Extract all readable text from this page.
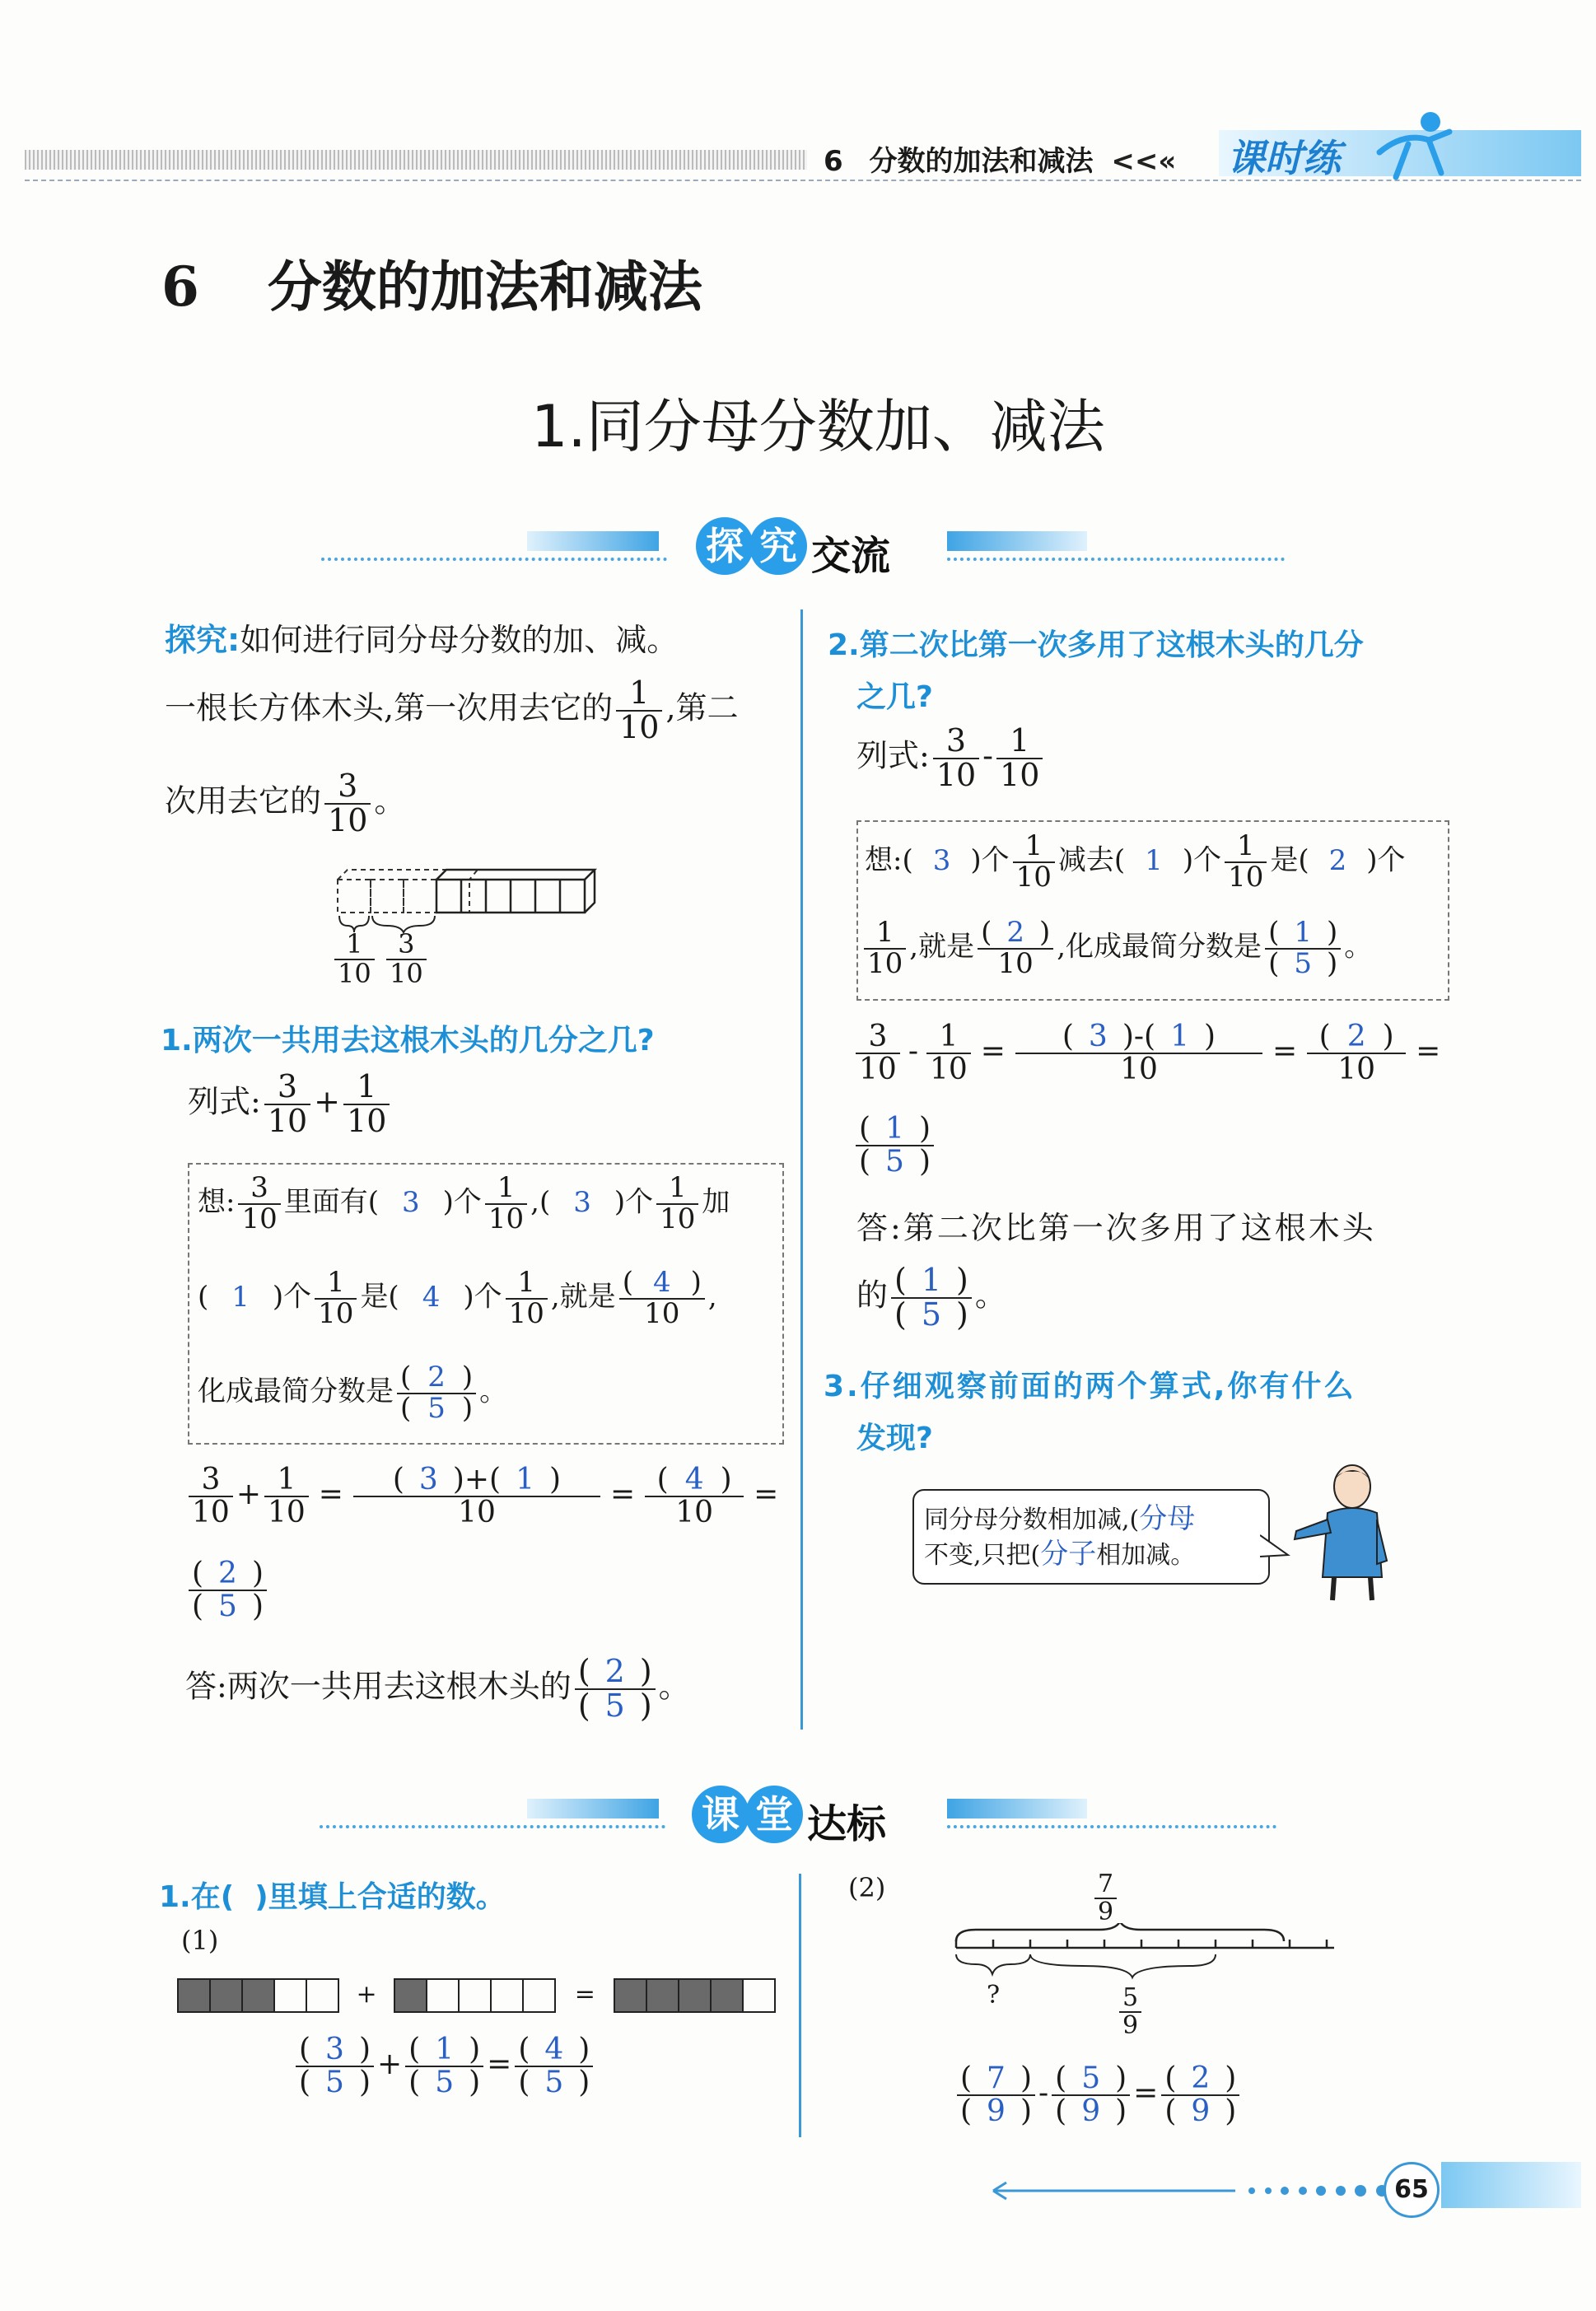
6 分数的加法和减法 <<« 课时练
6 分数的加法和减法
1.同分母分数加、减法
探 究 交流
探究:如何进行同分母分数的加、减。
一根长方体木头,第一次用去它的 $\frac{1}{10}$ ,第二
次用去它的 $\frac{3}{10}$ 。
$\frac{1}{10} \frac{3}{10}$
1.两次一共用去这根木头的几分之几?
列式: $\frac{3}{10} + \frac{1}{10}$
想: $\frac{3}{10}$ 里面有( 3 )个 $\frac{1}{10}$ ,( 3 )个 $\frac{1}{10}$ 加
( 1 )个 $\frac{1}{10}$ 是( 4 )个 $\frac{1}{10}$ ,就是 $\frac{( 4 )}{10}$ ,
化成最简分数是 $\frac{( 2 )}{( 5 )}$ 。
$\frac{3}{10} + \frac{1}{10} = \frac{( 3 )+( 1 )}{10} = \frac{( 4 )}{10}$ =
$\frac{( 2 )}{( 5 )}$
答:两次一共用去这根木头的 $\frac{( 2 )}{( 5 )}$ 。
2.第二次比第一次多用了这根木头的几分
之几?
列式: $\frac{3}{10} - \frac{1}{10}$
想:( 3 )个 $\frac{1}{10}$ 减去( 1 )个 $\frac{1}{10}$ 是( 2 )个
$\frac{1}{10}$ ,就是 $\frac{( 2 )}{10}$ ,化成最简分数是 $\frac{( 1 )}{( 5 )}$ 。
$\frac{3}{10} - \frac{1}{10} = \frac{( 3 )-( 1 )}{10} = \frac{( 2 )}{10}$ =
$\frac{( 1 )}{( 5 )}$
答:第二次比第一次多用了这根木头
的 $\frac{( 1 )}{( 5 )}$ 。
3.仔细观察前面的两个算式,你有什么
发现?
同分母分数相加减,(分母
不变,只把(分子相加减。
课 堂 达标
1.在(  )里填上合适的数。
(1)
+	=
$\frac{( 3 )}{( 5 )} + \frac{( 1 )}{( 5 )} = \frac{( 4 )}{( 5 )}$
(2)	$\frac{7}{9}$
?	$\frac{5}{9}$
$\frac{( 7 )}{( 9 )} - \frac{( 5 )}{( 9 )} = \frac{( 2 )}{( 9 )}$
65
